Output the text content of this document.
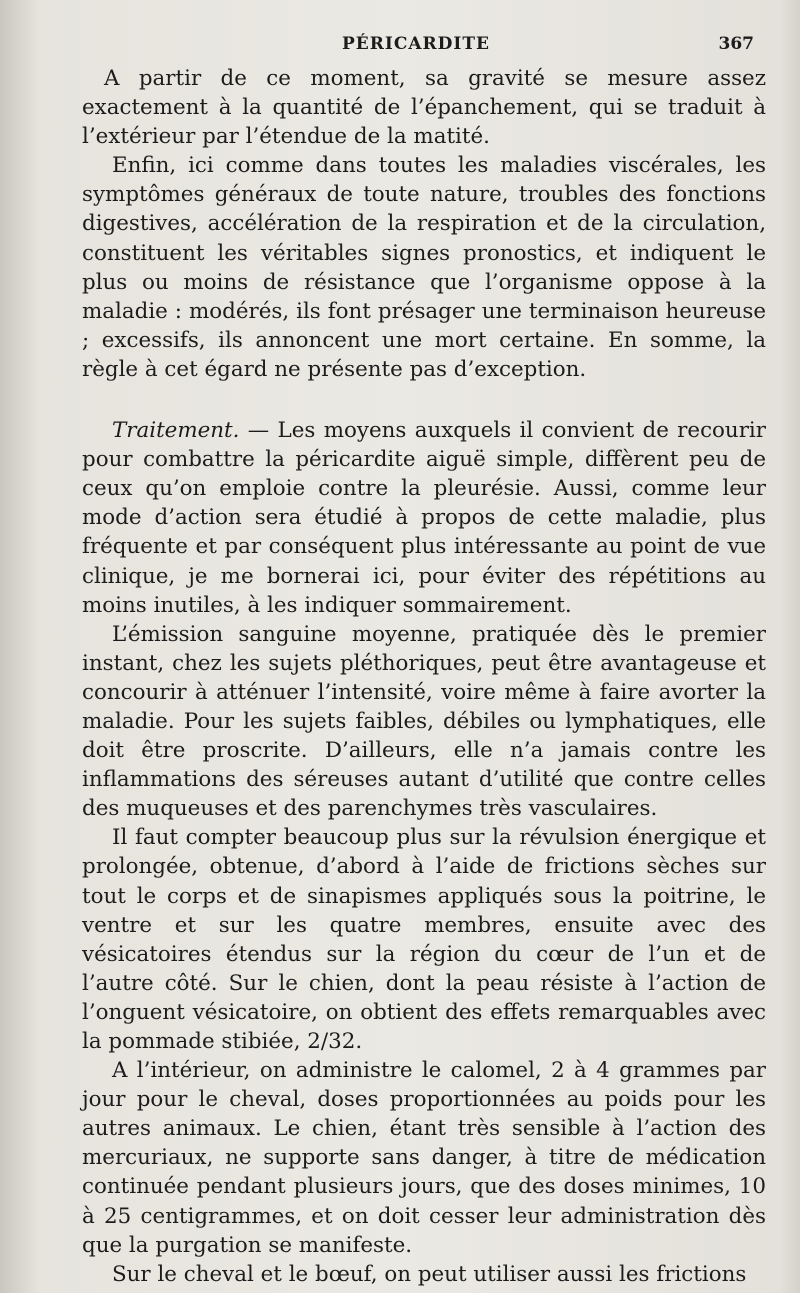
PÉRICARDITE	367

A partir de ce moment, sa gravité se mesure assez exactement à la quantité de l’épanchement, qui se traduit à l’extérieur par l’étendue de la matité.

Enfin, ici comme dans toutes les maladies viscérales, les symptômes généraux de toute nature, troubles des fonctions digestives, accélération de la respiration et de la circulation, constituent les véritables signes pronostics, et indiquent le plus ou moins de résistance que l’organisme oppose à la maladie : modérés, ils font présager une terminaison heureuse ; excessifs, ils annoncent une mort certaine. En somme, la règle à cet égard ne présente pas d’exception.

Traitement. — Les moyens auxquels il convient de recourir pour combattre la péricardite aiguë simple, diffèrent peu de ceux qu’on emploie contre la pleurésie. Aussi, comme leur mode d’action sera étudié à propos de cette maladie, plus fréquente et par conséquent plus intéressante au point de vue clinique, je me bornerai ici, pour éviter des répétitions au moins inutiles, à les indiquer sommairement.

L’émission sanguine moyenne, pratiquée dès le premier instant, chez les sujets pléthoriques, peut être avantageuse et concourir à atténuer l’intensité, voire même à faire avorter la maladie. Pour les sujets faibles, débiles ou lymphatiques, elle doit être proscrite. D’ailleurs, elle n’a jamais contre les inflammations des séreuses autant d’utilité que contre celles des muqueuses et des parenchymes très vasculaires.

Il faut compter beaucoup plus sur la révulsion énergique et prolongée, obtenue, d’abord à l’aide de frictions sèches sur tout le corps et de sinapismes appliqués sous la poitrine, le ventre et sur les quatre membres, ensuite avec des vésicatoires étendus sur la région du cœur de l’un et de l’autre côté. Sur le chien, dont la peau résiste à l’action de l’onguent vésicatoire, on obtient des effets remarquables avec la pommade stibiée, 2/32.

A l’intérieur, on administre le calomel, 2 à 4 grammes par jour pour le cheval, doses proportionnées au poids pour les autres animaux. Le chien, étant très sensible à l’action des mercuriaux, ne supporte sans danger, à titre de médication continuée pendant plusieurs jours, que des doses minimes, 10 à 25 centigrammes, et on doit cesser leur administration dès que la purgation se manifeste.

Sur le cheval et le bœuf, on peut utiliser aussi les frictions
